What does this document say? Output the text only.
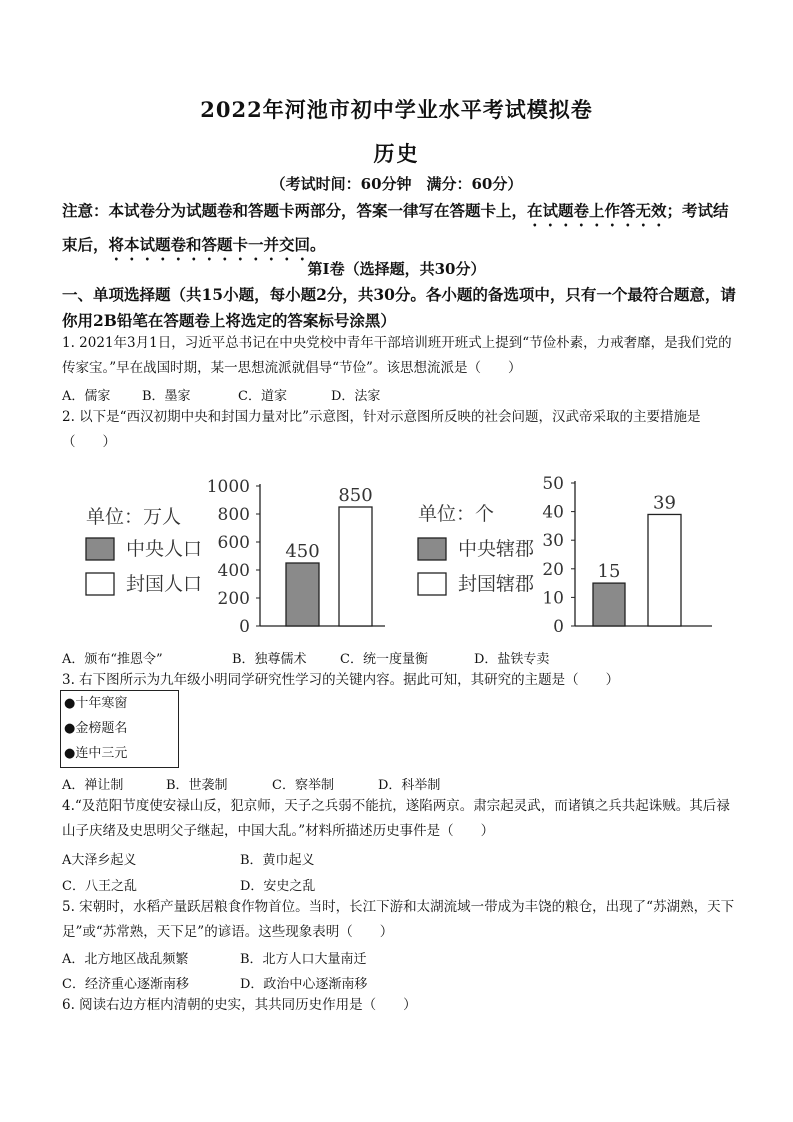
2022年河池市初中学业水平考试模拟卷
历史
（考试时间：60分钟　满分：60分）
注意：本试卷分为试题卷和答题卡两部分，答案一律写在答题卡上，在试题卷上作答无效；考试结束后，将本试题卷和答题卡一并交回。
第Ⅰ卷（选择题，共30分）
一、单项选择题（共15小题，每小题2分，共30分。各小题的备选项中，只有一个最符合题意，请你用2B铅笔在答题卷上将选定的答案标号涂黑）
1. 2021年3月1日，习近平总书记在中央党校中青年干部培训班开班式上提到“节俭朴素，力戒奢靡，是我们党的传家宝。”早在战国时期，某一思想流派就倡导“节俭”。该思想流派是（　　）
A．儒家 B．墨家	C．道家	D．法家
2. 以下是“西汉初期中央和封国力量对比”示意图，针对示意图所反映的社会问题，汉武帝采取的主要措施是（　　）
单位：万人
中央人口
封国人口
0
200
400
600
800
1000
450
850
单位：个
中央辖郡
封国辖郡
0
10
20
30
40
50
15
39
A．颁布“推恩令”	B．独尊儒术	C．统一度量衡	D．盐铁专卖
3. 右下图所示为九年级小明同学研究性学习的关键内容。据此可知，其研究的主题是（　　）
●十年寒窗
●金榜题名
●连中三元
A．禅让制	B．世袭制	C．察举制	D．科举制
4.“及范阳节度使安禄山反，犯京师，天子之兵弱不能抗，遂陷两京。肃宗起灵武，而诸镇之兵共起诛贼。其后禄山子庆绪及史思明父子继起，中国大乱。”材料所描述历史事件是（　　）
A大泽乡起义	B．黄巾起义
C．八王之乱	D．安史之乱
5. 宋朝时，水稻产量跃居粮食作物首位。当时，长江下游和太湖流域一带成为丰饶的粮仓，出现了“苏湖熟，天下足”或“苏常熟，天下足”的谚语。这些现象表明（　　）
A．北方地区战乱频繁	B．北方人口大量南迁
C．经济重心逐渐南移	D．政治中心逐渐南移
6. 阅读右边方框内清朝的史实，其共同历史作用是（　　）
